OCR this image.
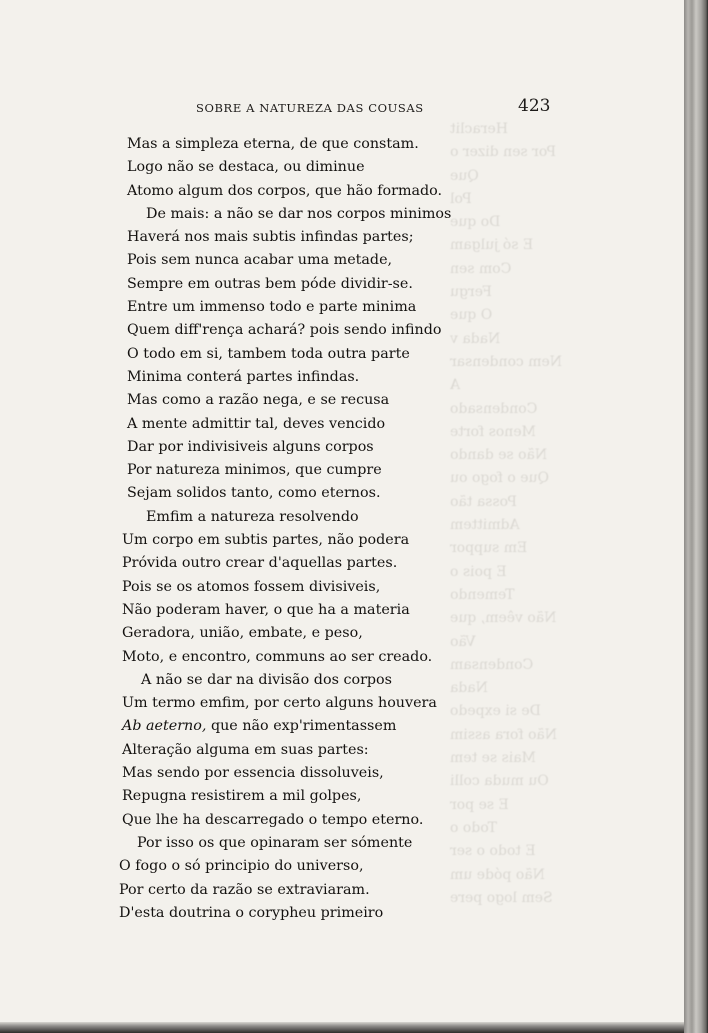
Heraclit
Por sen dizer o
Que
Pol
Do que
E só julgam
Com sen
Fergu
O que
Nada v
Nem condensar
A
Condensado
Menos forte
Não se dando
Que o fogo ou
Possa tão
Admittem
Em suppor
E pois o
Temendo
Não vêem, que
Vão
Condensam
Nada
De si expedo
Não fora assim
Mais se tem
Ou muda colli
E se por
Todo o
E todo o ser
Não póde um
Sem logo pere
SOBRE A NATUREZA DAS COUSAS	423
Mas a simpleza eterna, de que constam.
Logo não se destaca, ou diminue
Atomo algum dos corpos, que hão formado.
De mais: a não se dar nos corpos minimos
Haverá nos mais subtis infindas partes;
Pois sem nunca acabar uma metade,
Sempre em outras bem póde dividir-se.
Entre um immenso todo e parte minima
Quem diff'rença achará? pois sendo infindo
O todo em si, tambem toda outra parte
Minima conterá partes infindas.
Mas como a razão nega, e se recusa
A mente admittir tal, deves vencido
Dar por indivisiveis alguns corpos
Por natureza minimos, que cumpre
Sejam solidos tanto, como eternos.
Emfim a natureza resolvendo
Um corpo em subtis partes, não podera
Próvida outro crear d'aquellas partes.
Pois se os atomos fossem divisiveis,
Não poderam haver, o que ha a materia
Geradora, união, embate, e peso,
Moto, e encontro, communs ao ser creado.
A não se dar na divisão dos corpos
Um termo emfim, por certo alguns houvera
Ab aeterno, que não exp'rimentassem
Alteração alguma em suas partes:
Mas sendo por essencia dissoluveis,
Repugna resistirem a mil golpes,
Que lhe ha descarregado o tempo eterno.
Por isso os que opinaram ser sómente
O fogo o só principio do universo,
Por certo da razão se extraviaram.
D'esta doutrina o corypheu primeiro
